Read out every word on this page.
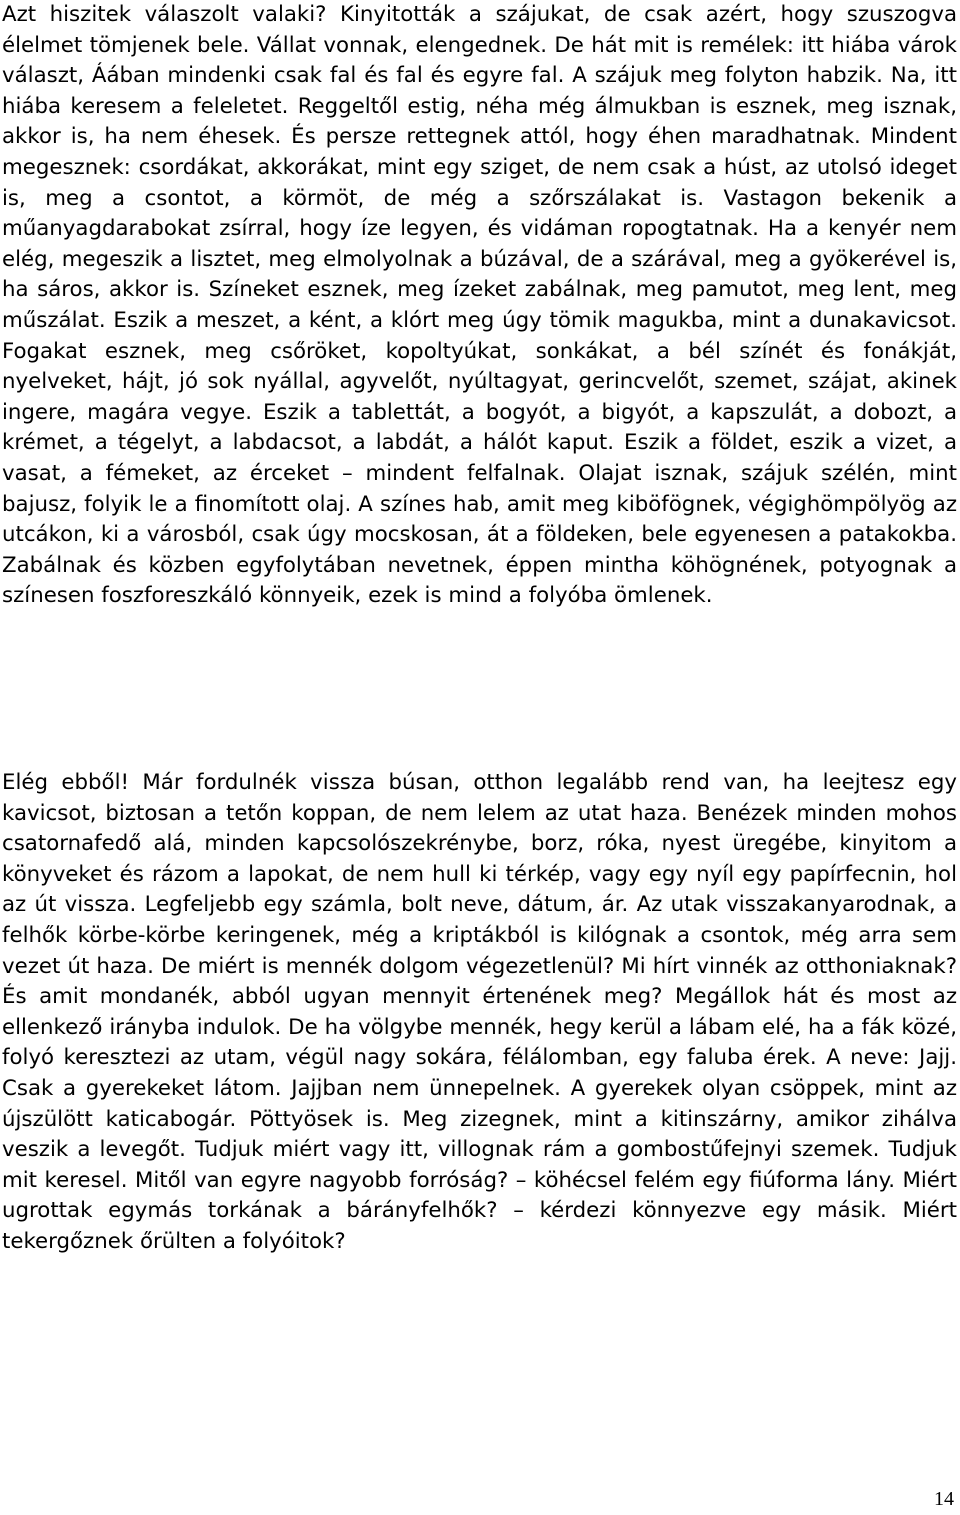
Azt hiszitek válaszolt valaki? Kinyitották a szájukat, de csak azért, hogy szuszogva élelmet tömjenek bele. Vállat vonnak, elengednek. De hát mit is remélek: itt hiába várok választ, Áában mindenki csak fal és fal és egyre fal. A szájuk meg folyton habzik. Na, itt hiába keresem a feleletet. Reggeltől estig, néha még álmukban is esznek, meg isznak, akkor is, ha nem éhesek. És persze rettegnek attól, hogy éhen maradhatnak. Mindent megesznek: csordákat, akkorákat, mint egy sziget, de nem csak a húst, az utolsó ideget is, meg a csontot, a körmöt, de még a szőrszálakat is. Vastagon bekenik a műanyagdarabokat zsírral, hogy íze legyen, és vidáman ropogtatnak. Ha a kenyér nem elég, megeszik a lisztet, meg elmolyolnak a búzával, de a szárával, meg a gyökerével is, ha sáros, akkor is. Színeket esznek, meg ízeket zabálnak, meg pamutot, meg lent, meg műszálat. Eszik a meszet, a ként, a klórt meg úgy tömik magukba, mint a dunakavicsot. Fogakat esznek, meg csőröket, kopoltyúkat, sonkákat, a bél színét és fonákját, nyelveket, hájt, jó sok nyállal, agyvelőt, nyúltagyat, gerincvelőt, szemet, szájat, akinek ingere, magára vegye. Eszik a tablettát, a bogyót, a bigyót, a kapszulát, a dobozt, a krémet, a tégelyt, a labdacsot, a labdát, a hálót kaput. Eszik a földet, eszik a vizet, a vasat, a fémeket, az érceket – mindent felfalnak. Olajat isznak, szájuk szélén, mint bajusz, folyik le a finomított olaj. A színes hab, amit meg kiböfögnek, végighömpölyög az utcákon, ki a városból, csak úgy mocskosan, át a földeken, bele egyenesen a patakokba. Zabálnak és közben egyfolytában nevetnek, éppen mintha köhögnének, potyognak a színesen foszforeszkáló könnyeik, ezek is mind a folyóba ömlenek.

Elég ebből! Már fordulnék vissza búsan, otthon legalább rend van, ha leejtesz egy kavicsot, biztosan a tetőn koppan, de nem lelem az utat haza. Benézek minden mohos csatornafedő alá, minden kapcsolószekrénybe, borz, róka, nyest üregébe, kinyitom a könyveket és rázom a lapokat, de nem hull ki térkép, vagy egy nyíl egy papírfecnin, hol az út vissza. Legfeljebb egy számla, bolt neve, dátum, ár. Az utak visszakanyarodnak, a felhők körbe-körbe keringenek, még a kriptákból is kilógnak a csontok, még arra sem vezet út haza. De miért is mennék dolgom végezetlenül? Mi hírt vinnék az otthoniaknak? És amit mondanék, abból ugyan mennyit értenének meg? Megállok hát és most az ellenkező irányba indulok. De ha völgybe mennék, hegy kerül a lábam elé, ha a fák közé, folyó keresztezi az utam, végül nagy sokára, félálomban, egy faluba érek. A neve: Jajj. Csak a gyerekeket látom. Jajjban nem ünnepelnek. A gyerekek olyan csöppek, mint az újszülött katicabogár. Pöttyösek is. Meg zizegnek, mint a kitinszárny, amikor zihálva veszik a levegőt. Tudjuk miért vagy itt, villognak rám a gombostűfejnyi szemek. Tudjuk mit keresel. Mitől van egyre nagyobb forróság? – köhécsel felém egy fiúforma lány. Miért ugrottak egymás torkának a bárányfelhők? – kérdezi könnyezve egy másik. Miért tekergőznek őrülten a folyóitok?

14
